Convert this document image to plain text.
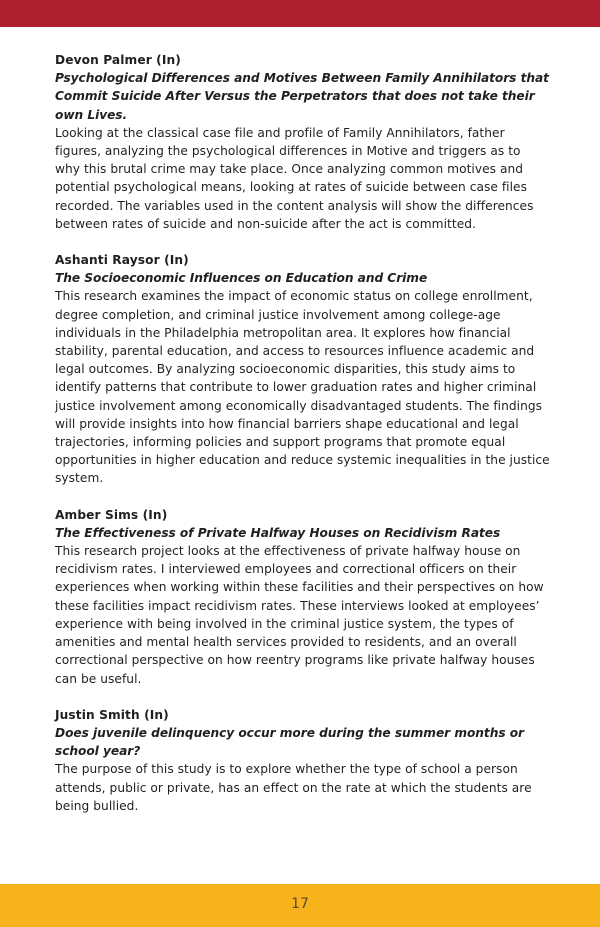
Devon Palmer (In)

Psychological Differences and Motives Between Family Annihilators that
Commit Suicide After Versus the Perpetrators that does not take their own Lives.
Looking at the classical case file and profile of Family Annihilators, father
figures, analyzing the psychological differences in Motive and triggers as to
why this brutal crime may take place. Once analyzing common motives and
potential psychological means, looking at rates of suicide between case files
recorded. The variables used in the content analysis will show the differences
between rates of suicide and non-suicide after the act is committed.

Ashanti Raysor (In)

The Socioeconomic Influences on Education and Crime
This research examines the impact of economic status on college enrollment,
degree completion, and criminal justice involvement among college-age
individuals in the Philadelphia metropolitan area. It explores how financial
stability, parental education, and access to resources influence academic and
legal outcomes. By analyzing socioeconomic disparities, this study aims to
identify patterns that contribute to lower graduation rates and higher criminal
justice involvement among economically disadvantaged students. The findings
will provide insights into how financial barriers shape educational and legal
trajectories, informing policies and support programs that promote equal
opportunities in higher education and reduce systemic inequalities in the justice
system.

Amber Sims (In)

The Effectiveness of Private Halfway Houses on Recidivism Rates
This research project looks at the effectiveness of private halfway house on
recidivism rates. I interviewed employees and correctional officers on their
experiences when working within these facilities and their perspectives on how
these facilities impact recidivism rates. These interviews looked at employees’
experience with being involved in the criminal justice system, the types of
amenities and mental health services provided to residents, and an overall
correctional perspective on how reentry programs like private halfway houses
can be useful.

Justin Smith (In)

Does juvenile delinquency occur more during the summer months or school year?
The purpose of this study is to explore whether the type of school a person
attends, public or private, has an effect on the rate at which the students are
being bullied.
17
